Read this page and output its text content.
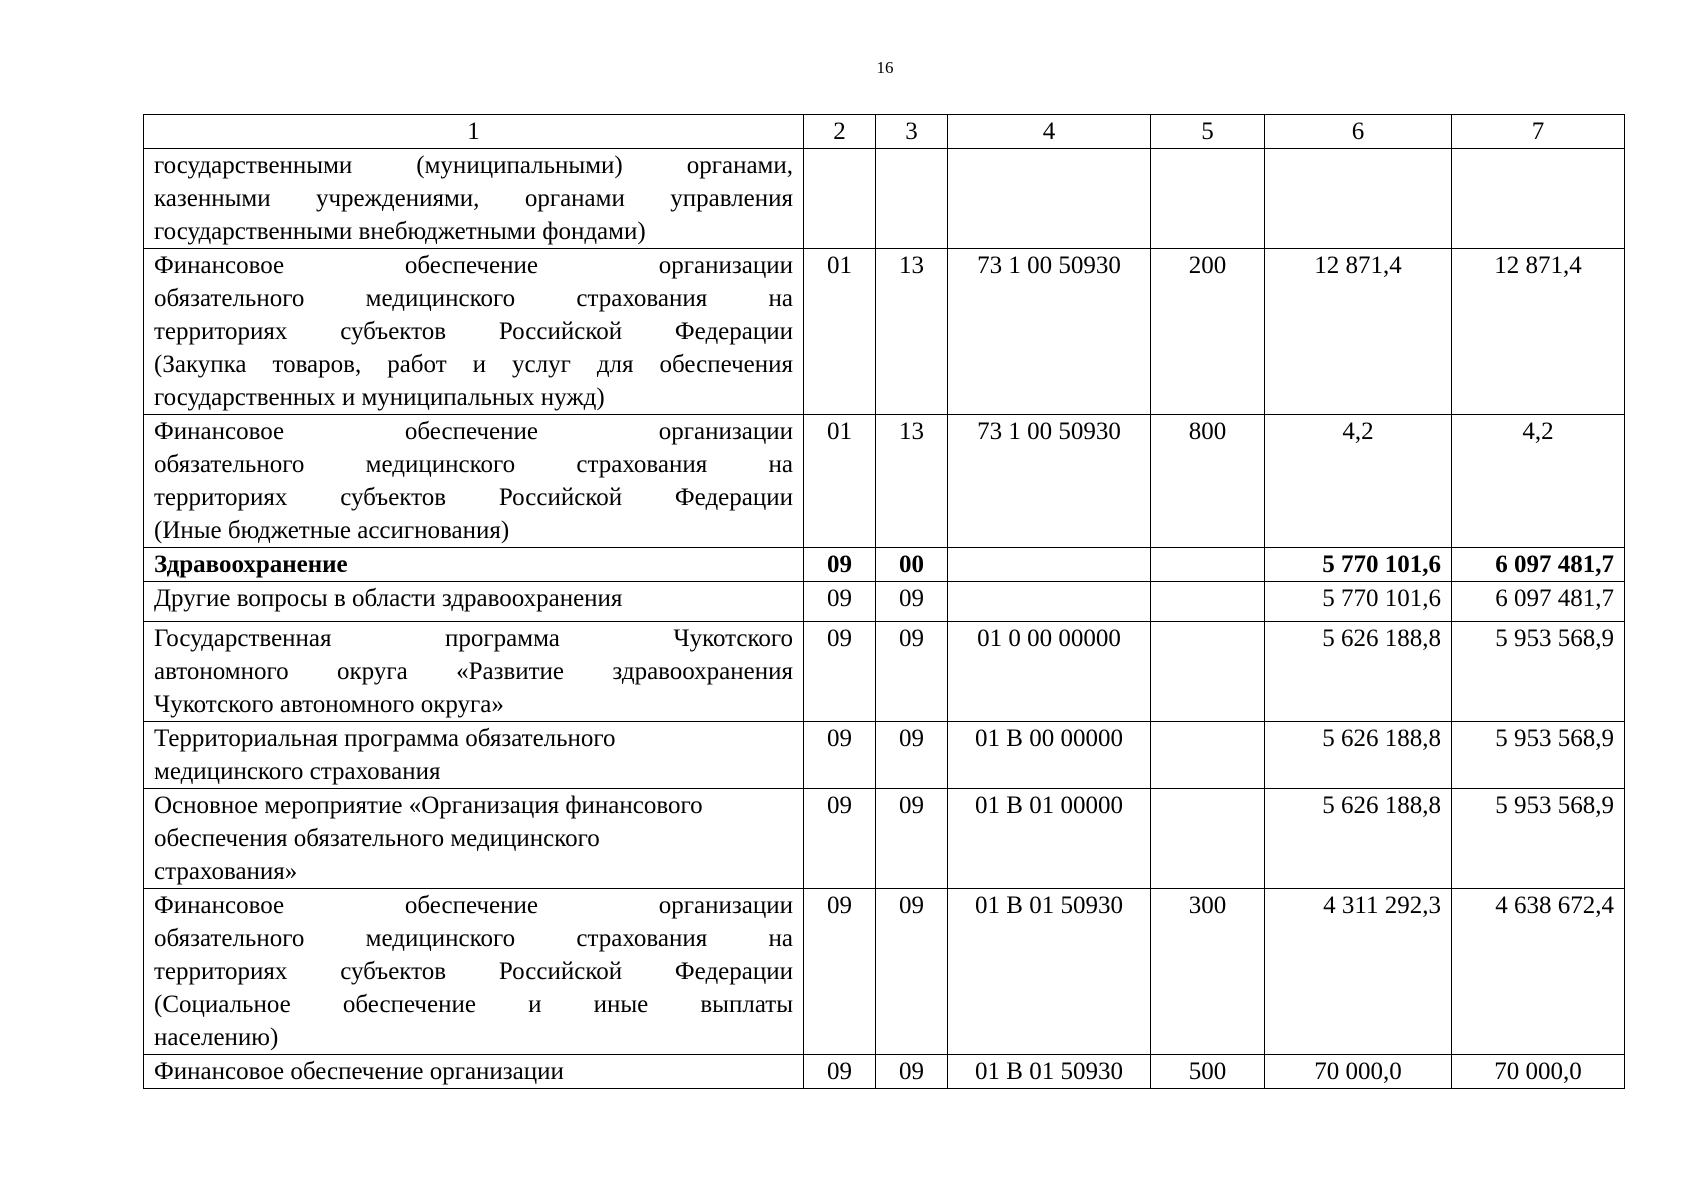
16
1	2	3	4	5	6	7

государственными (муниципальными) органами,
казенными учреждениями, органами управления
государственными внебюджетными фондами)						

Финансовое обеспечение организации
обязательного медицинского страхования на
территориях субъектов Российской Федерации
(Закупка товаров, работ и услуг для обеспечения
государственных и муниципальных нужд)	01	13	73 1 00 50930	200	12 871,4	12 871,4

Финансовое обеспечение организации
обязательного медицинского страхования на
территориях субъектов Российской Федерации
(Иные бюджетные ассигнования)	01	13	73 1 00 50930	800	4,2	4,2

Здравоохранение	09	00			5 770 101,6	6 097 481,7

Другие вопросы в области здравоохранения	09	09			5 770 101,6	6 097 481,7

Государственная программа Чукотского
автономного округа «Развитие здравоохранения
Чукотского автономного округа»	09	09	01 0 00 00000		5 626 188,8	5 953 568,9

Территориальная программа обязательного
медицинского страхования	09	09	01 В 00 00000		5 626 188,8	5 953 568,9

Основное мероприятие «Организация финансового
обеспечения обязательного медицинского
страхования»	09	09	01 В 01 00000		5 626 188,8	5 953 568,9

Финансовое обеспечение организации
обязательного медицинского страхования на
территориях субъектов Российской Федерации
(Социальное обеспечение и иные выплаты
населению)	09	09	01 В 01 50930	300	4 311 292,3	4 638 672,4

Финансовое обеспечение организации	09	09	01 В 01 50930	500	70 000,0	70 000,0
